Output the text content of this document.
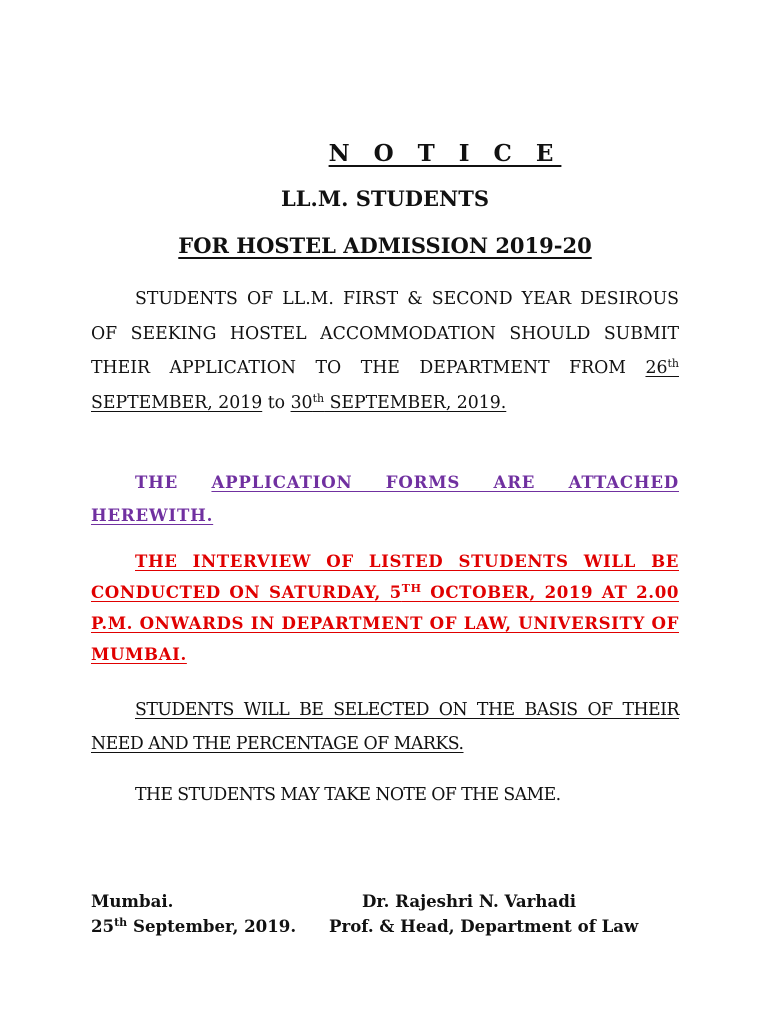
N O T I C E
LL.M. STUDENTS
FOR HOSTEL ADMISSION 2019-20

STUDENTS OF LL.M. FIRST & SECOND YEAR DESIROUS OF SEEKING HOSTEL ACCOMMODATION SHOULD SUBMIT THEIR APPLICATION TO THE DEPARTMENT FROM 26th SEPTEMBER, 2019 to 30th SEPTEMBER, 2019.

THE APPLICATION FORMS ARE ATTACHED HEREWITH.

THE INTERVIEW OF LISTED STUDENTS WILL BE CONDUCTED ON SATURDAY, 5TH OCTOBER, 2019 AT 2.00 P.M. ONWARDS IN DEPARTMENT OF LAW, UNIVERSITY OF MUMBAI.

STUDENTS WILL BE SELECTED ON THE BASIS OF THEIR NEED AND THE PERCENTAGE OF MARKS.

THE STUDENTS MAY TAKE NOTE OF THE SAME.

Mumbai.
25th September, 2019.
Dr. Rajeshri N. Varhadi
Prof. & Head, Department of Law
